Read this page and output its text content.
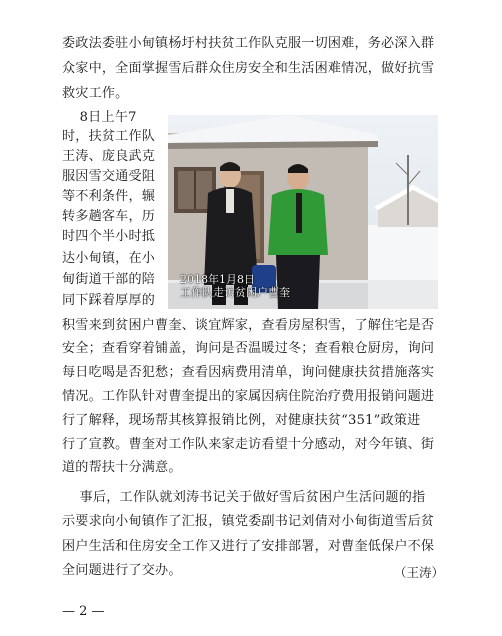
委政法委驻小甸镇杨圩村扶贫工作队克服一切困难，务必深入群
众家中，全面掌握雪后群众住房安全和生活困难情况，做好抗雪
救灾工作。
　 8日上午7
时，扶贫工作队
王涛、庞良武克
服因雪交通受阻
等不利条件，辗
转多趟客车，历
时四个半小时抵
达小甸镇，在小
甸街道干部的陪
同下踩着厚厚的
积雪来到贫困户曹奎、谈宜辉家，查看房屋积雪，了解住宅是否
安全；查看穿着铺盖，询问是否温暖过冬；查看粮仓厨房，询问
每日吃喝是否犯愁；查看因病费用清单，询问健康扶贫措施落实
情况。工作队针对曹奎提出的家属因病住院治疗费用报销问题进
行了解释，现场帮其核算报销比例，对健康扶贫“351”政策进
行了宣教。曹奎对工作队来家走访看望十分感动，对今年镇、街
道的帮扶十分满意。
　 事后，工作队就刘涛书记关于做好雪后贫困户生活问题的指
示要求向小甸镇作了汇报，镇党委副书记刘倩对小甸街道雪后贫
困户生活和住房安全工作又进行了安排部署，对曹奎低保户不保
全问题进行了交办。	（王涛）
2018年1月8日
工作队走访贫困户曹奎
— 2 —
